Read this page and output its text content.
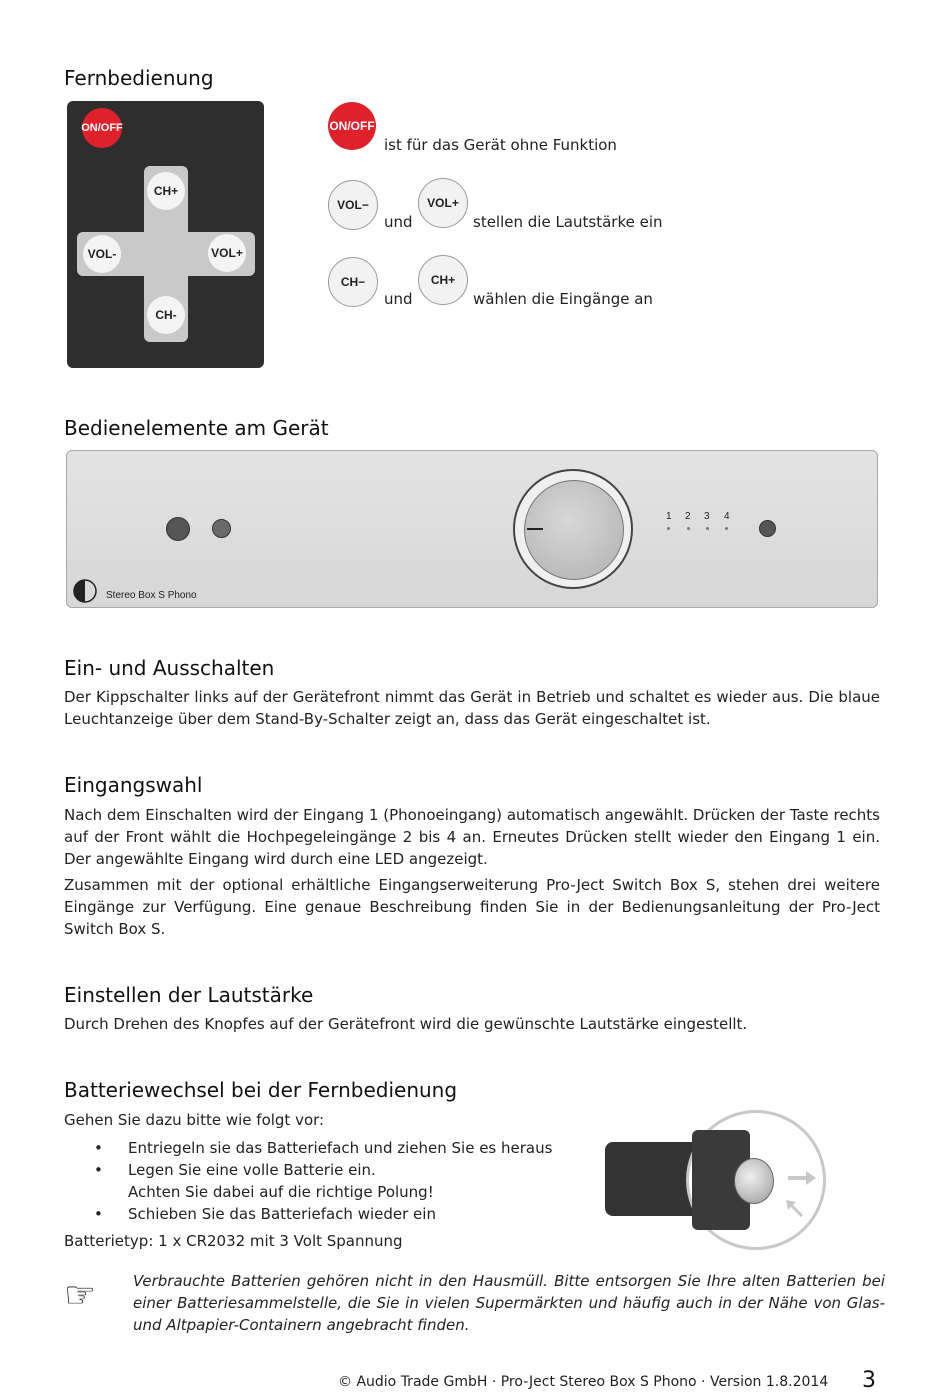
Fernbedienung
ON/OFF
CH+
CH-
VOL-	VOL+
ON/OFF
ist für das Gerät ohne Funktion
VOL−
und
VOL+
stellen die Lautstärke ein
CH−
und
CH+
wählen die Eingänge an
Bedienelemente am Gerät
1 2 3 4
Stereo Box S Phono
Ein- und Ausschalten

Der Kippschalter links auf der Gerätefront nimmt das Gerät in Betrieb und schaltet es wieder aus. Die blaue Leuchtanzeige über dem Stand-By-Schalter zeigt an, dass das Gerät eingeschaltet ist.

Eingangswahl

Nach dem Einschalten wird der Eingang 1 (Phonoeingang) automatisch angewählt. Drücken der Taste rechts auf der Front wählt die Hochpegeleingänge 2 bis 4 an. Erneutes Drücken stellt wieder den Eingang 1 ein. Der angewählte Eingang wird durch eine LED angezeigt.

Zusammen mit der optional erhältliche Eingangserweiterung Pro-Ject Switch Box S, stehen drei weitere Eingänge zur Verfügung. Eine genaue Beschreibung finden Sie in der Bedienungsanleitung der Pro-Ject Switch Box S.

Einstellen der Lautstärke

Durch Drehen des Knopfes auf der Gerätefront wird die gewünschte Lautstärke eingestellt.

Batteriewechsel bei der Fernbedienung

Gehen Sie dazu bitte wie folgt vor:

• Entriegeln sie das Batteriefach und ziehen Sie es heraus
• Legen Sie eine volle Batterie ein.
Achten Sie dabei auf die richtige Polung!
• Schieben Sie das Batteriefach wieder ein

Batterietyp: 1 x CR2032 mit 3 Volt Spannung

☞ Verbrauchte Batterien gehören nicht in den Hausmüll. Bitte entsorgen Sie Ihre alten Batterien bei einer Batteriesammelstelle, die Sie in vielen Supermärkten und häufig auch in der Nähe von Glas- und Altpapier-Containern angebracht finden.

© Audio Trade GmbH · Pro-Ject Stereo Box S Phono · Version 1.8.2014 3
